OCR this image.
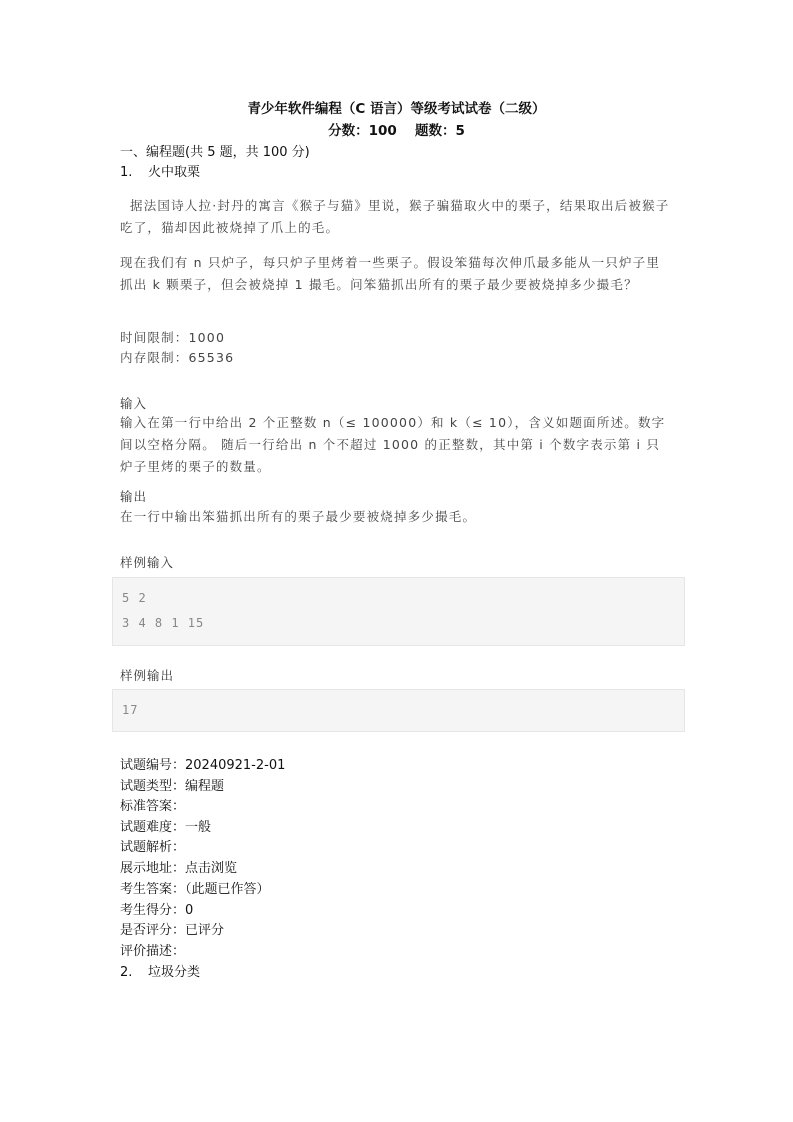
青少年软件编程（C 语言）等级考试试卷（二级）
分数：100　 题数：5
一、编程题(共 5 题，共 100 分)
1. 火中取栗
据法国诗人拉·封丹的寓言《猴子与猫》里说，猴子骗猫取火中的栗子，结果取出后被猴子吃了，猫却因此被烧掉了爪上的毛。
现在我们有 n 只炉子，每只炉子里烤着一些栗子。假设笨猫每次伸爪最多能从一只炉子里抓出 k 颗栗子，但会被烧掉 1 撮毛。问笨猫抓出所有的栗子最少要被烧掉多少撮毛？
时间限制：1000
内存限制：65536
输入
输入在第一行中给出 2 个正整数 n（≤ 100000）和 k（≤ 10），含义如题面所述。数字间以空格分隔。 随后一行给出 n 个不超过 1000 的正整数，其中第 i 个数字表示第 i 只炉子里烤的栗子的数量。
输出
在一行中输出笨猫抓出所有的栗子最少要被烧掉多少撮毛。
样例输入
5 2
3 4 8 1 15
样例输出
17
试题编号：20240921-2-01
试题类型：编程题
标准答案：
试题难度：一般
试题解析：
展示地址：点击浏览
考生答案：（此题已作答）
考生得分：0
是否评分：已评分
评价描述：
2. 垃圾分类
